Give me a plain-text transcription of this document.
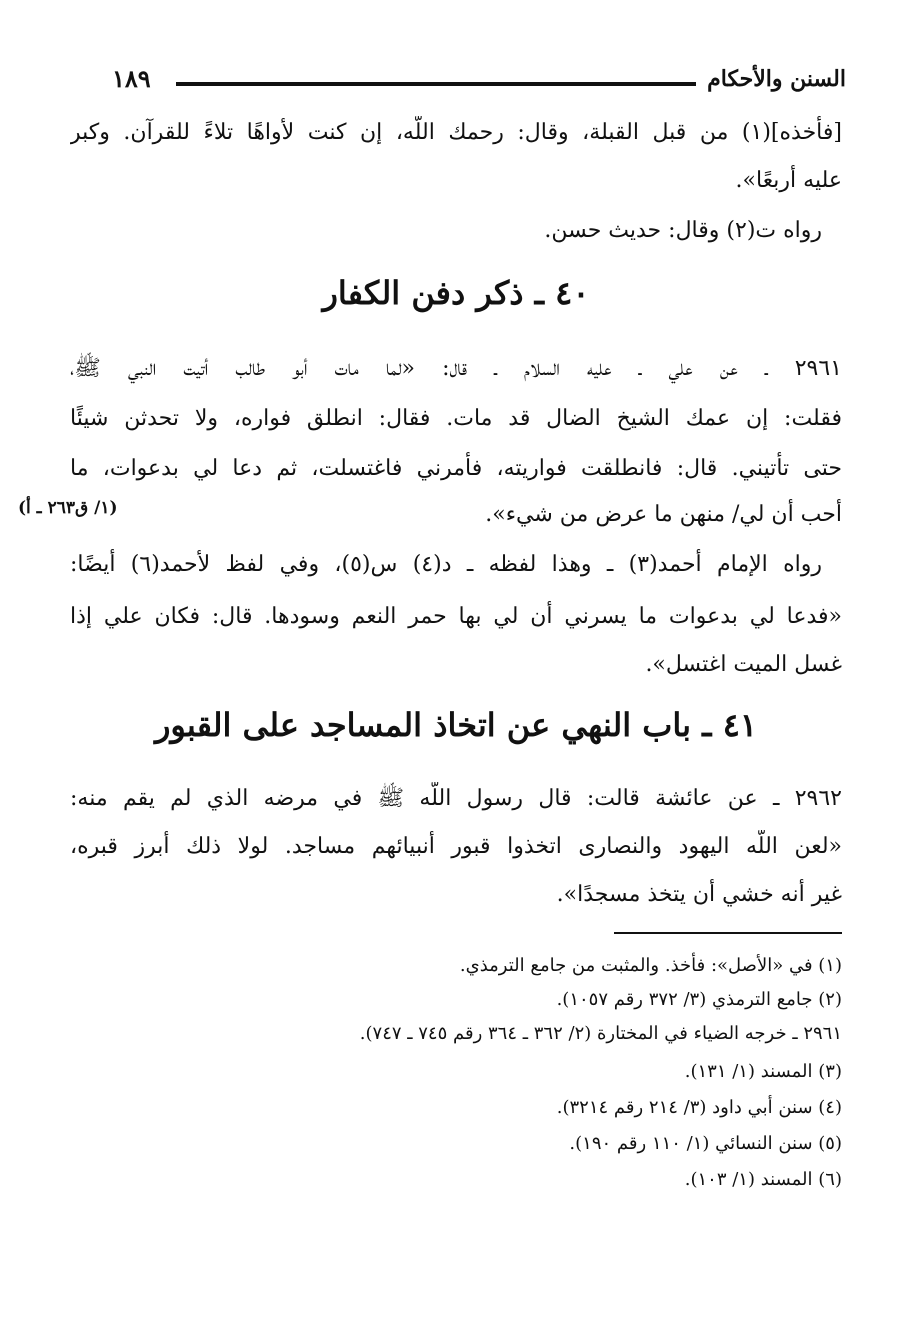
السنن والأحكام
١٨٩
[فأخذه](١) من قبل القبلة، وقال: رحمك اللَّه، إن كنت لأواهًا تلاءً للقرآن. وكبر
عليه أربعًا».
رواه ت(٢) وقال: حديث حسن.
٤٠ ـ ذكر دفن الكفار
٢٩٦١ ـ عن علي ـ عليه السلام ـ قال: «لما مات أبو طالب أتيت النبي ﷺ،
فقلت: إن عمك الشيخ الضال قد مات. فقال: انطلق فواره، ولا تحدثن شيئًا
حتى تأتيني. قال: فانطلقت فواريته، فأمرني فاغتسلت، ثم دعا لي بدعوات، ما
أحب أن لي/ منهن ما عرض من شيء».
(١/ ق٢٦٣ ـ أ)
رواه الإمام أحمد(٣) ـ وهذا لفظه ـ د(٤) س(٥)، وفي لفظ لأحمد(٦) أيضًا:
«فدعا لي بدعوات ما يسرني أن لي بها حمر النعم وسودها. قال: فكان علي إذا
غسل الميت اغتسل».
٤١ ـ باب النهي عن اتخاذ المساجد على القبور
٢٩٦٢ ـ عن عائشة قالت: قال رسول اللَّه ﷺ في مرضه الذي لم يقم منه:
«لعن اللَّه اليهود والنصارى اتخذوا قبور أنبيائهم مساجد. لولا ذلك أبرز قبره،
غير أنه خشي أن يتخذ مسجدًا».
(١) في «الأصل»: فأخذ. والمثبت من جامع الترمذي.
(٢) جامع الترمذي (٣/ ٣٧٢ رقم ١٠٥٧).
٢٩٦١ ـ خرجه الضياء في المختارة (٢/ ٣٦٢ ـ ٣٦٤ رقم ٧٤٥ ـ ٧٤٧).
(٣) المسند (١/ ١٣١).
(٤) سنن أبي داود (٣/ ٢١٤ رقم ٣٢١٤).
(٥) سنن النسائي (١/ ١١٠ رقم ١٩٠).
(٦) المسند (١/ ١٠٣).
